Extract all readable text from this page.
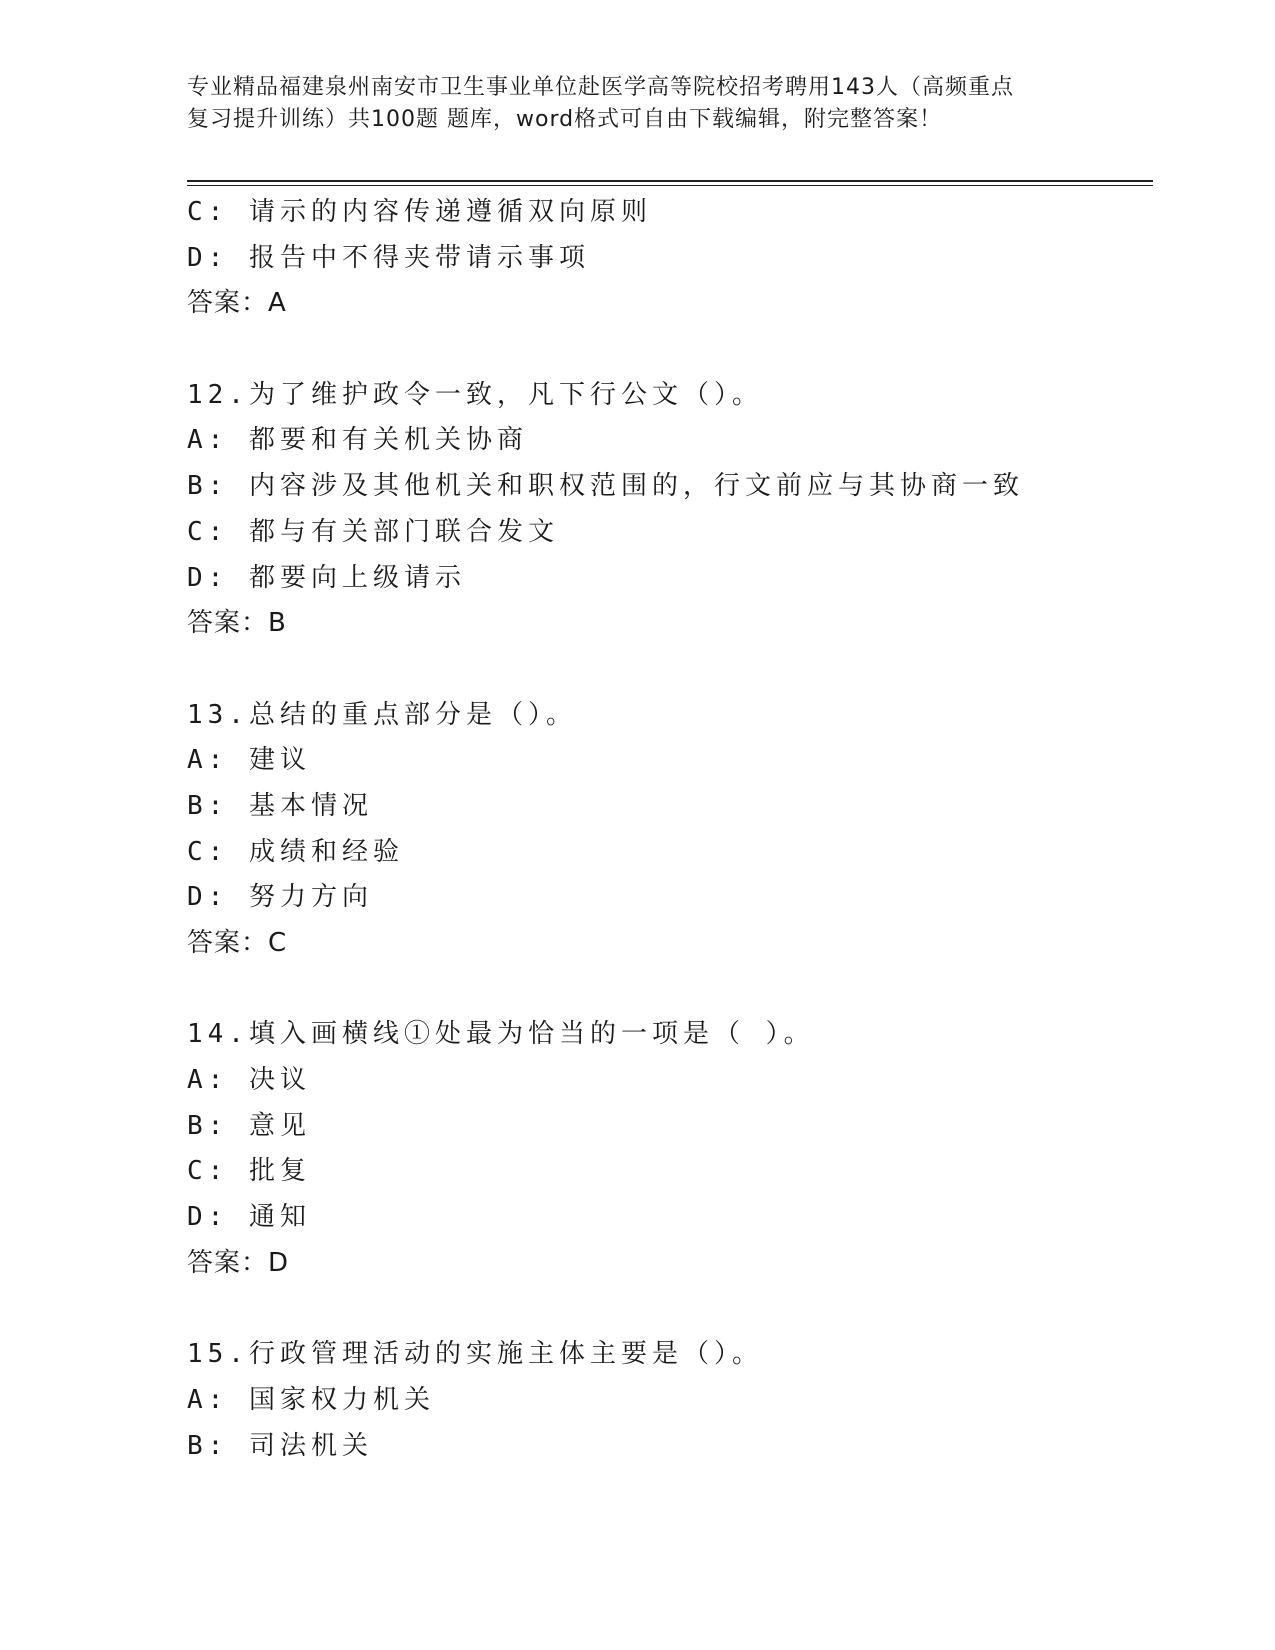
专业精品福建泉州南安市卫生事业单位赴医学高等院校招考聘用143人（高频重点
复习提升训练）共100题 题库，word格式可自由下载编辑，附完整答案！
C: 请示的内容传递遵循双向原则
D: 报告中不得夹带请示事项
答案：A
12.为了维护政令一致，凡下行公文（）。
A: 都要和有关机关协商
B: 内容涉及其他机关和职权范围的，行文前应与其协商一致
C: 都与有关部门联合发文
D: 都要向上级请示
答案：B
13.总结的重点部分是（）。
A: 建议
B: 基本情况
C: 成绩和经验
D: 努力方向
答案：C
14.填入画横线①处最为恰当的一项是（ ）。
A: 决议
B: 意见
C: 批复
D: 通知
答案：D
15.行政管理活动的实施主体主要是（）。
A: 国家权力机关
B: 司法机关
